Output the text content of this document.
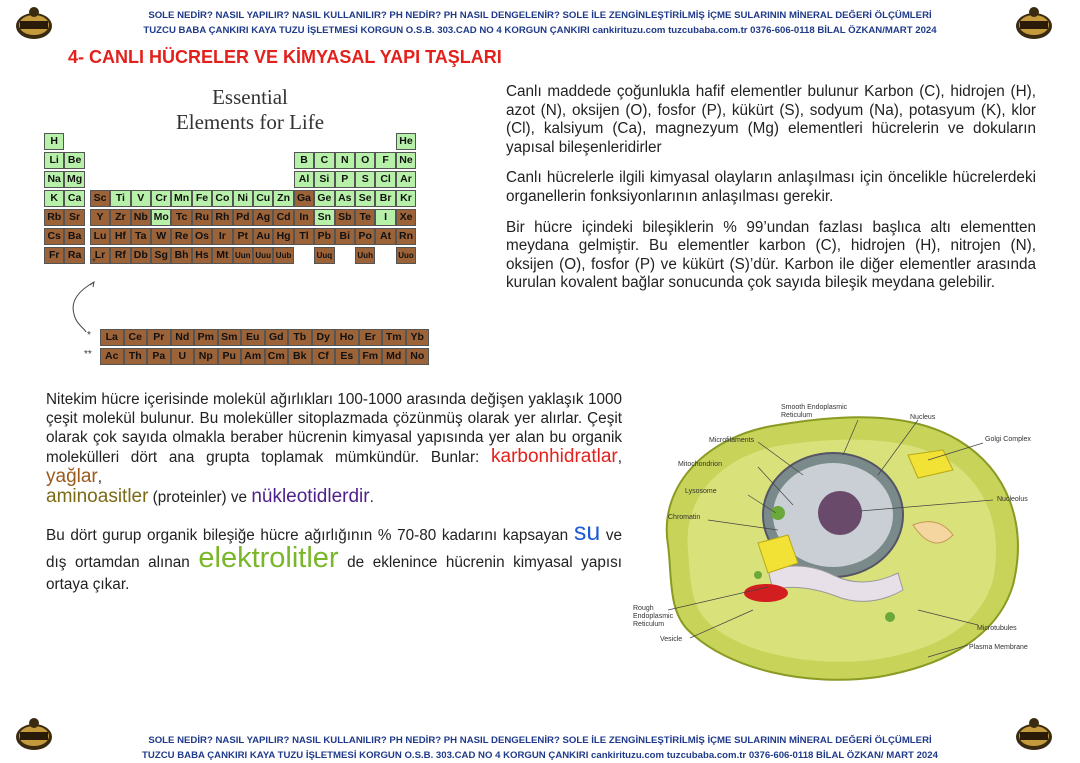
SOLE NEDİR? NASIL YAPILIR? NASIL KULLANILIR? PH NEDİR? PH NASIL DENGELENİR? SOLE İLE ZENGİNLEŞTİRİLMİŞ İÇME SULARININ MİNERAL DEĞERİ ÖLÇÜMLERİ
TUZCU BABA ÇANKIRI KAYA TUZU İŞLETMESİ KORGUN O.S.B. 303.CAD NO 4 KORGUN ÇANKIRI cankirituzu.com tuzcubaba.com.tr 0376-606-0118 BİLAL ÖZKAN/MART 2024
4- CANLI HÜCRELER VE KİMYASAL YAPI TAŞLARI
Essential
Elements for Life
H	He
Li Be	B	C	N	O	F Ne
Na Mg	Al Si	P	S	Cl Ar
K Ca	Sc Ti	V	Cr Mn Fe Co Ni Cu Zn Ga Ge As Se Br Kr
Rb Sr	Y	Zr Nb Mo Tc Ru Rh Pd Ag Cd In Sn Sb Te	I	Xe
Cs Ba	Lu Hf Ta W Re Os Ir	Pt Au Hg Tl Pb Bi Po At Rn
Fr Ra	Lr Rf Db Sg Bh Hs Mt Uun Uuu Uub	Uuq	Uuh	Uuo
La	Ce	Pr	Nd Pm Sm Eu Gd Tb Dy Ho	Er Tm Yb
Ac Th	Pa	U	Np Pu Am Cm Bk	Cf	Es Fm Md No
*
**
*

Canlı maddede çoğunlukla hafif elementler bulunur Karbon (C), hidrojen (H), azot (N), oksijen (O), fosfor (P), kükürt (S), sodyum (Na), potasyum (K), klor (Cl), kalsiyum (Ca), magnezyum (Mg) elementleri hücrelerin ve dokuların yapısal bileşenleridirler

Canlı hücrelerle ilgili kimyasal olayların anlaşılması için öncelikle hücrelerdeki organellerin fonksiyonlarının anlaşılması gerekir.

Bir hücre içindeki bileşiklerin % 99’undan fazlası başlıca altı elementten meydana gelmiştir. Bu elementler karbon (C), hidrojen (H), nitrojen (N), oksijen (O), fosfor (P) ve kükürt (S)’dür. Karbon ile diğer elementler arasında kurulan kovalent bağlar sonucunda çok sayıda bileşik meydana gelebilir.

Nitekim hücre içerisinde molekül ağırlıkları 100-1000 arasında değişen yaklaşık 1000 çeşit molekül bulunur. Bu moleküller sitoplazmada çözünmüş olarak yer alırlar. Çeşit olarak çok sayıda olmakla beraber hücrenin kimyasal yapısında yer alan bu organik molekülleri dört ana grupta toplamak mümkündür. Bunlar: karbonhidratlar, yağlar,
aminoasitler (proteinler) ve nükleotidlerdir.

Bu dört gurup organik bileşiğe hücre ağırlığının % 70-80 kadarını kapsayan su ve dış ortamdan alınan elektrolitler de eklenince hücrenin kimyasal yapısı ortaya çıkar.

Smooth Endoplasmic Reticulum	Nucleus
Golgi Complex
Microfilaments
Mitochondrion
Lysosome
Nucleolus
Chromatin
Rough Endoplasmic Reticulum
Vesicle
Microtubules
Plasma Membrane
SOLE NEDİR? NASIL YAPILIR? NASIL KULLANILIR? PH NEDİR? PH NASIL DENGELENİR? SOLE İLE ZENGİNLEŞTİRİLMİŞ İÇME SULARININ MİNERAL DEĞERİ ÖLÇÜMLERİ
TUZCU BABA ÇANKIRI KAYA TUZU İŞLETMESİ KORGUN O.S.B. 303.CAD NO 4 KORGUN ÇANKIRI cankirituzu.com tuzcubaba.com.tr 0376-606-0118 BİLAL ÖZKAN/ MART 2024
